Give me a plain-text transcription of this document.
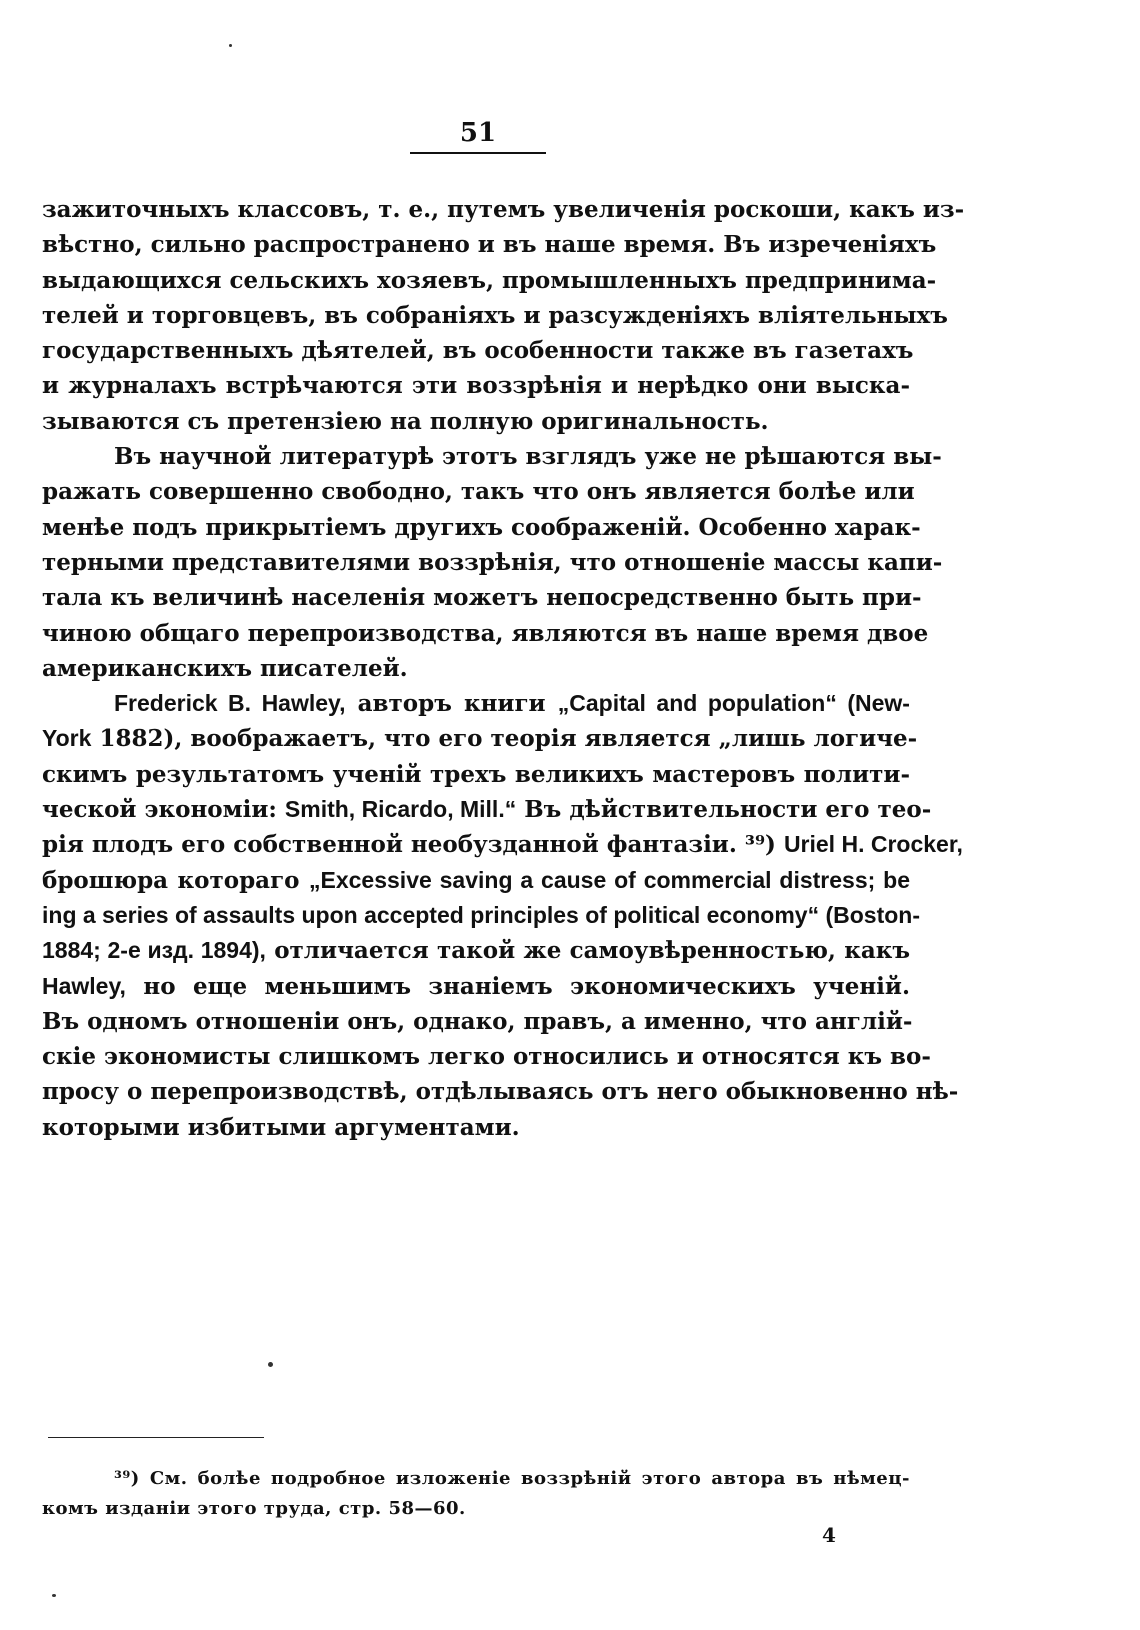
51
зажиточныхъ классовъ, т. е., путемъ увеличенія роскоши, какъ из-
вѣстно, сильно распространено и въ наше время. Въ изреченіяхъ
выдающихся сельскихъ хозяевъ, промышленныхъ предпринима-
телей и торговцевъ, въ собраніяхъ и разсужденіяхъ вліятельныхъ
государственныхъ дѣятелей, въ особенности также въ газетахъ
и журналахъ встрѣчаются эти воззрѣнія и нерѣдко они выска-
зываются съ претензіею на полную оригинальность.
Въ научной литературѣ этотъ взглядъ уже не рѣшаются вы-
ражать совершенно свободно, такъ что онъ является болѣе или
менѣе подъ прикрытіемъ другихъ соображеній. Особенно харак-
терными представителями воззрѣнія, что отношеніе массы капи-
тала къ величинѣ населенія можетъ непосредственно быть при-
чиною общаго перепроизводства, являются въ наше время двое
американскихъ писателей.
Frederick B. Hawley, авторъ книги „Capital and population“ (New-
York 1882), воображаетъ, что его теорія является „лишь логиче-
скимъ результатомъ ученій трехъ великихъ мастеровъ полити-
ческой экономіи: Smith, Ricardo, Mill.“ Въ дѣйствительности его тео-
рія плодъ его собственной необузданной фантазіи. ³⁹) Uriel H. Crocker,
брошюра котораго „Excessive saving a cause of commercial distress; be
ing a series of assaults upon accepted principles of political economy“ (Boston-
1884; 2-е изд. 1894), отличается такой же самоувѣренностью, какъ
Hawley, но еще меньшимъ знаніемъ экономическихъ ученій.
Въ одномъ отношеніи онъ, однако, правъ, а именно, что англій-
скіе экономисты слишкомъ легко относились и относятся къ во-
просу о перепроизводствѣ, отдѣлываясь отъ него обыкновенно нѣ-
которыми избитыми аргументами.
³⁹) См. болѣе подробное изложеніе воззрѣній этого автора въ нѣмец-
комъ изданіи этого труда, стр. 58—60.
4
